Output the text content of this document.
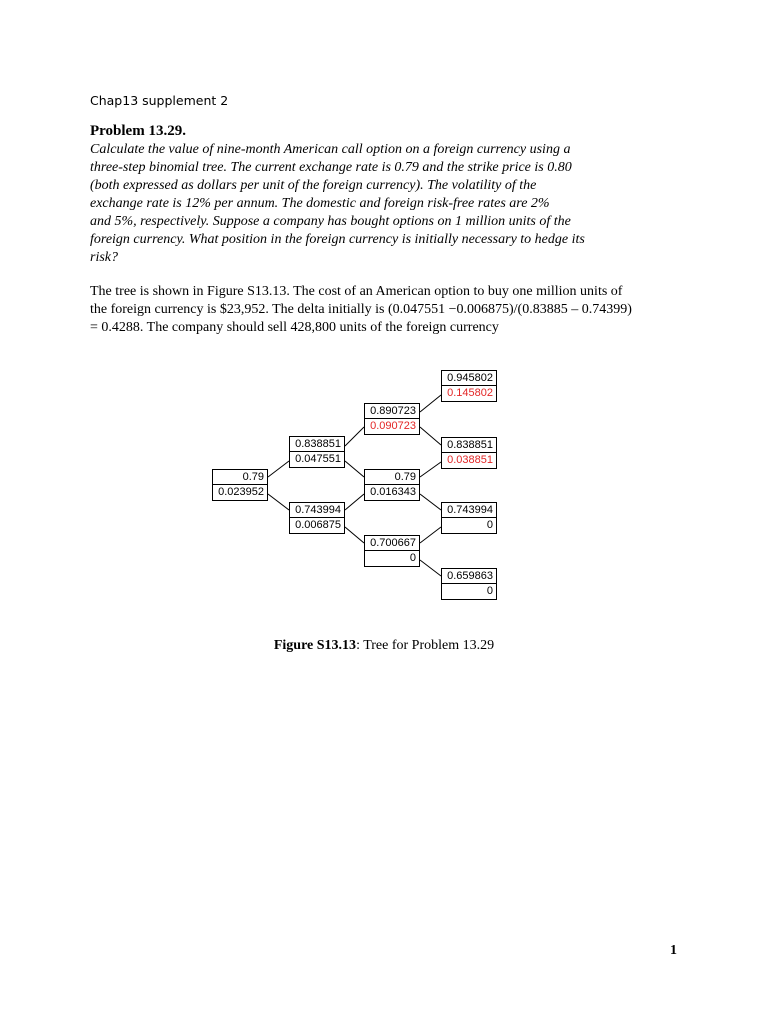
Chap13 supplement 2
Problem 13.29.
Calculate the value of nine-month American call option on a foreign currency using a
three-step binomial tree. The current exchange rate is 0.79 and the strike price is 0.80
(both expressed as dollars per unit of the foreign currency). The volatility of the
exchange rate is 12% per annum. The domestic and foreign risk-free rates are 2%
and 5%, respectively. Suppose a company has bought options on 1 million units of the
foreign currency. What position in the foreign currency is initially necessary to hedge its
risk?
The tree is shown in Figure S13.13. The cost of an American option to buy one million units of
the foreign currency is $23,952. The delta initially is (0.047551 −0.006875)/(0.83885 – 0.74399)
= 0.4288. The company should sell 428,800 units of the foreign currency
0.79
0.023952
0.838851
0.047551
0.743994
0.006875
0.890723
0.090723
0.79
0.016343
0.700667
0
0.945802
0.145802
0.838851
0.038851
0.743994
0
0.659863
0
Figure S13.13: Tree for Problem 13.29
1
